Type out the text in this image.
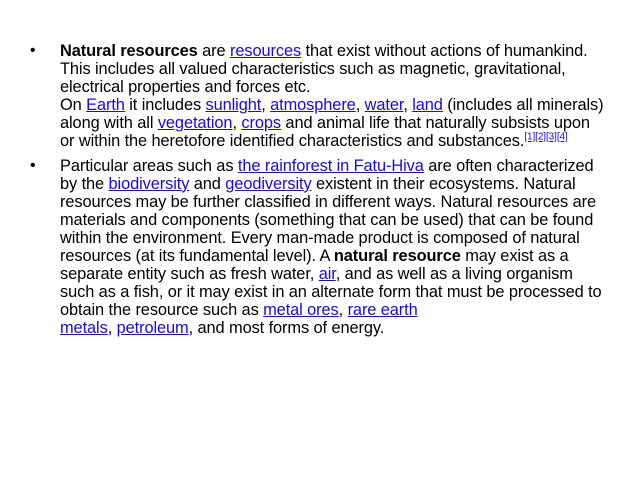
• Natural resources are resources that exist without actions of humankind. This includes all valued characteristics such as magnetic, gravitational, electrical properties and forces etc.
On Earth it includes sunlight, atmosphere, water, land (includes all minerals) along with all vegetation, crops and animal life that naturally subsists upon or within the heretofore identified characteristics and substances.[1][2][3][4]
• Particular areas such as the rainforest in Fatu-Hiva are often characterized by the biodiversity and geodiversity existent in their ecosystems. Natural resources may be further classified in different ways. Natural resources are materials and components (something that can be used) that can be found within the environment. Every man-made product is composed of natural resources (at its fundamental level). A natural resource may exist as a separate entity such as fresh water, air, and as well as a living organism such as a fish, or it may exist in an alternate form that must be processed to obtain the resource such as metal ores, rare earth
metals, petroleum, and most forms of energy.
